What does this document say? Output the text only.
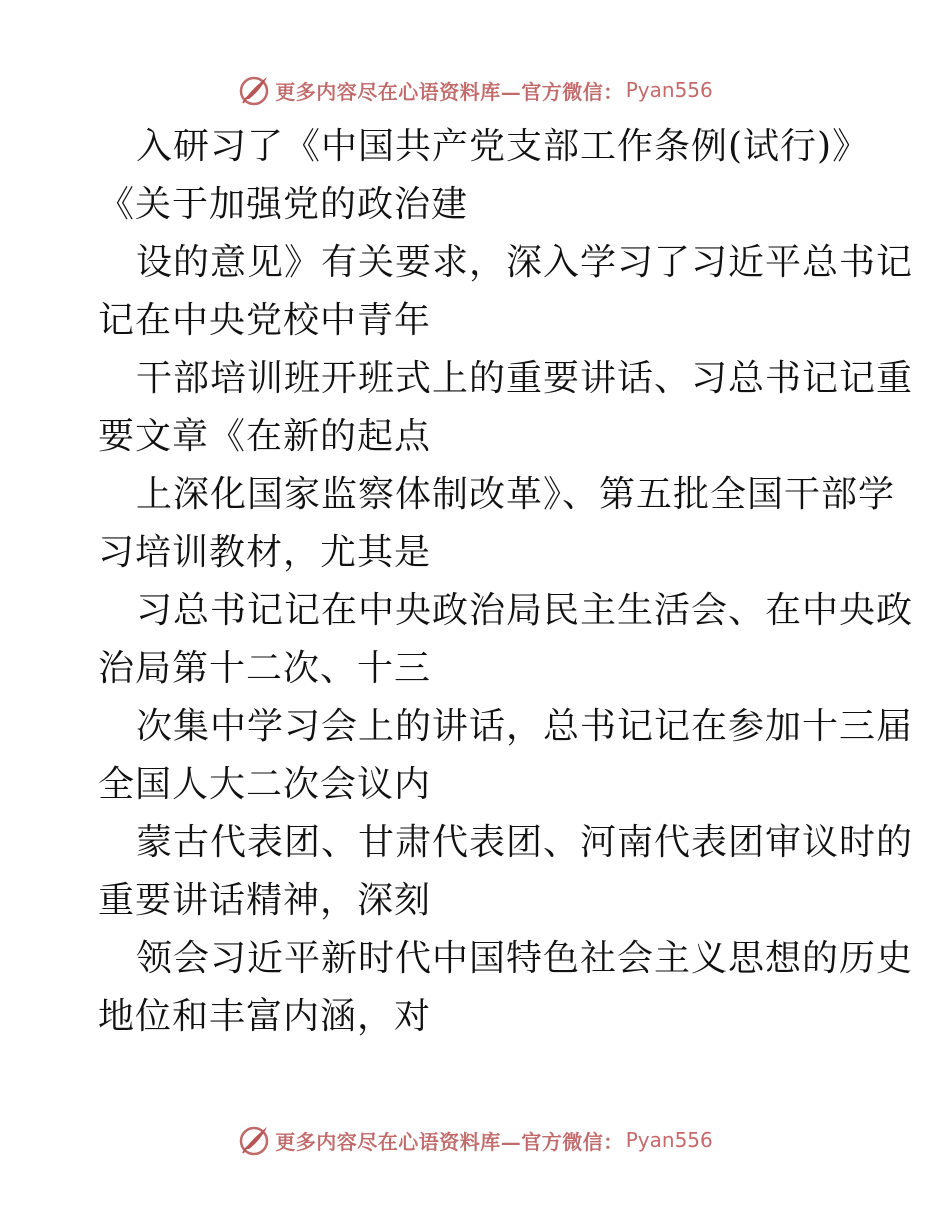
更多内容尽在心语资料库—官方微信： Pyan556
入研习了《中国共产党支部工作条例(试行)》
《关于加强党的政治建
设的意见》有关要求，深入学习了习近平总书记
记在中央党校中青年
干部培训班开班式上的重要讲话、习总书记记重
要文章《在新的起点
上深化国家监察体制改革》、第五批全国干部学
习培训教材，尤其是
习总书记记在中央政治局民主生活会、在中央政
治局第十二次、十三
次集中学习会上的讲话，总书记记在参加十三届
全国人大二次会议内
蒙古代表团、甘肃代表团、河南代表团审议时的
重要讲话精神，深刻
领会习近平新时代中国特色社会主义思想的历史
地位和丰富内涵，对
更多内容尽在心语资料库—官方微信： Pyan556
